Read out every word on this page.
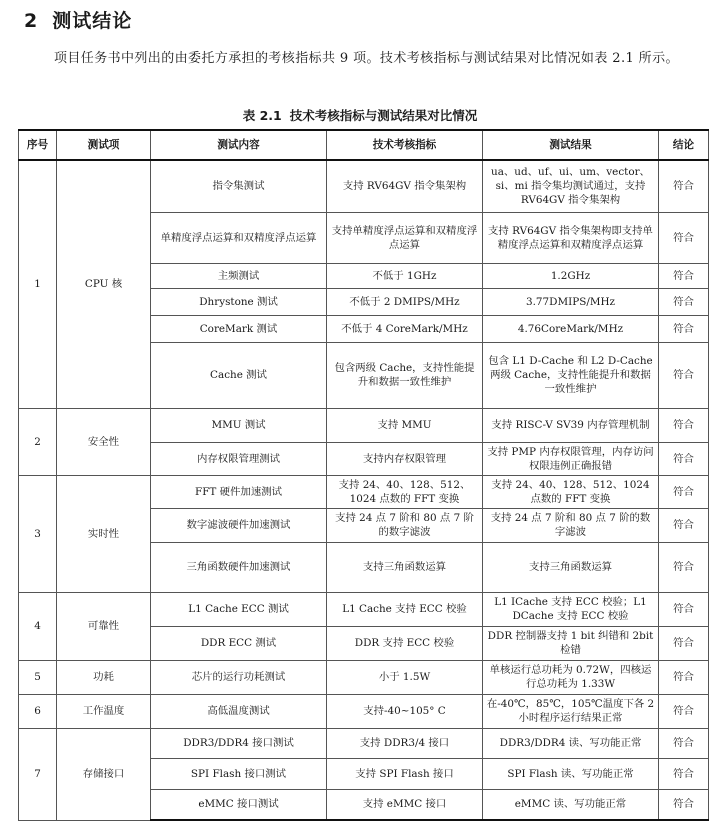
2 测试结论
项目任务书中列出的由委托方承担的考核指标共 9 项。技术考核指标与测试结果对比情况如表 2.1 所示。
表 2.1 技术考核指标与测试结果对比情况
序号	测试项	测试内容	技术考核指标	测试结果	结论
1	CPU 核	指令集测试	支持 RV64GV 指令集架构	ua、ud、uf、ui、um、vector、si、mi 指令集均测试通过，支持 RV64GV 指令集架构	符合
		单精度浮点运算和双精度浮点运算	支持单精度浮点运算和双精度浮点运算	支持 RV64GV 指令集架构即支持单精度浮点运算和双精度浮点运算	符合
		主频测试	不低于 1GHz	1.2GHz	符合
		Dhrystone 测试	不低于 2 DMIPS/MHz	3.77DMIPS/MHz	符合
		CoreMark 测试	不低于 4 CoreMark/MHz	4.76CoreMark/MHz	符合
		Cache 测试	包含两级 Cache，支持性能提升和数据一致性维护	包含 L1 D-Cache 和 L2 D-Cache 两级 Cache，支持性能提升和数据一致性维护	符合
2	安全性	MMU 测试	支持 MMU	支持 RISC-V SV39 内存管理机制	符合
		内存权限管理测试	支持内存权限管理	支持 PMP 内存权限管理，内存访问权限违例正确报错	符合
3	实时性	FFT 硬件加速测试	支持 24、40、128、512、1024 点数的 FFT 变换	支持 24、40、128、512、1024 点数的 FFT 变换	符合
		数字滤波硬件加速测试	支持 24 点 7 阶和 80 点 7 阶的数字滤波	支持 24 点 7 阶和 80 点 7 阶的数字滤波	符合
		三角函数硬件加速测试	支持三角函数运算	支持三角函数运算	符合
4	可靠性	L1 Cache ECC 测试	L1 Cache 支持 ECC 校验	L1 ICache 支持 ECC 校验；L1 DCache 支持 ECC 校验	符合
		DDR ECC 测试	DDR 支持 ECC 校验	DDR 控制器支持 1 bit 纠错和 2bit 检错	符合
5	功耗	芯片的运行功耗测试	小于 1.5W	单核运行总功耗为 0.72W，四核运行总功耗为 1.33W	符合
6	工作温度	高低温度测试	支持-40~105° C	在-40℃，85℃，105℃温度下各 2 小时程序运行结果正常	符合
7	存储接口	DDR3/DDR4 接口测试	支持 DDR3/4 接口	DDR3/DDR4 读、写功能正常	符合
		SPI Flash 接口测试	支持 SPI Flash 接口	SPI Flash 读、写功能正常	符合
		eMMC 接口测试	支持 eMMC 接口	eMMC 读、写功能正常	符合
